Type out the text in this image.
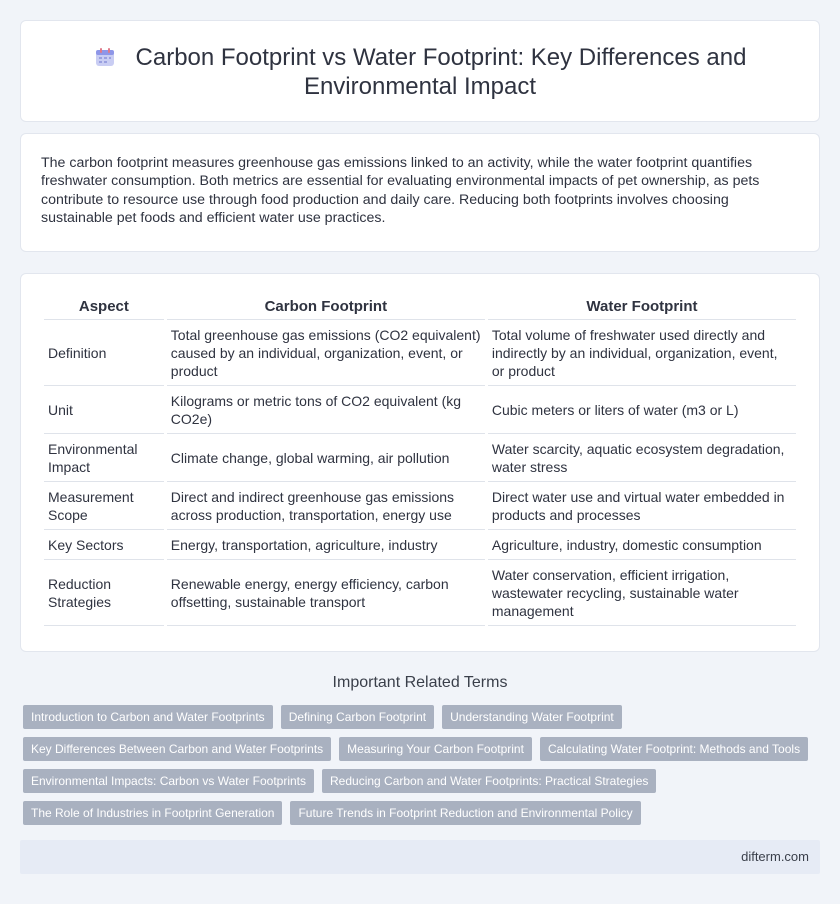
Carbon Footprint vs Water Footprint: Key Differences and Environmental Impact

The carbon footprint measures greenhouse gas emissions linked to an activity, while the water footprint quantifies freshwater consumption. Both metrics are essential for evaluating environmental impacts of pet ownership, as pets contribute to resource use through food production and daily care. Reducing both footprints involves choosing sustainable pet foods and efficient water use practices.

Aspect	Carbon Footprint	Water Footprint
Definition	Total greenhouse gas emissions (CO2 equivalent) caused by an individual, organization, event, or product	Total volume of freshwater used directly and indirectly by an individual, organization, event, or product
Unit	Kilograms or metric tons of CO2 equivalent (kg CO2e)	Cubic meters or liters of water (m3 or L)
Environmental Impact	Climate change, global warming, air pollution	Water scarcity, aquatic ecosystem degradation, water stress
Measurement Scope	Direct and indirect greenhouse gas emissions across production, transportation, energy use	Direct water use and virtual water embedded in products and processes
Key Sectors	Energy, transportation, agriculture, industry	Agriculture, industry, domestic consumption
Reduction Strategies	Renewable energy, energy efficiency, carbon offsetting, sustainable transport	Water conservation, efficient irrigation, wastewater recycling, sustainable water management
Important Related Terms
Introduction to Carbon and Water Footprints	Defining Carbon Footprint	Understanding Water Footprint
Key Differences Between Carbon and Water Footprints	Measuring Your Carbon Footprint	Calculating Water Footprint: Methods and Tools
Environmental Impacts: Carbon vs Water Footprints	Reducing Carbon and Water Footprints: Practical Strategies
The Role of Industries in Footprint Generation	Future Trends in Footprint Reduction and Environmental Policy
difterm.com
